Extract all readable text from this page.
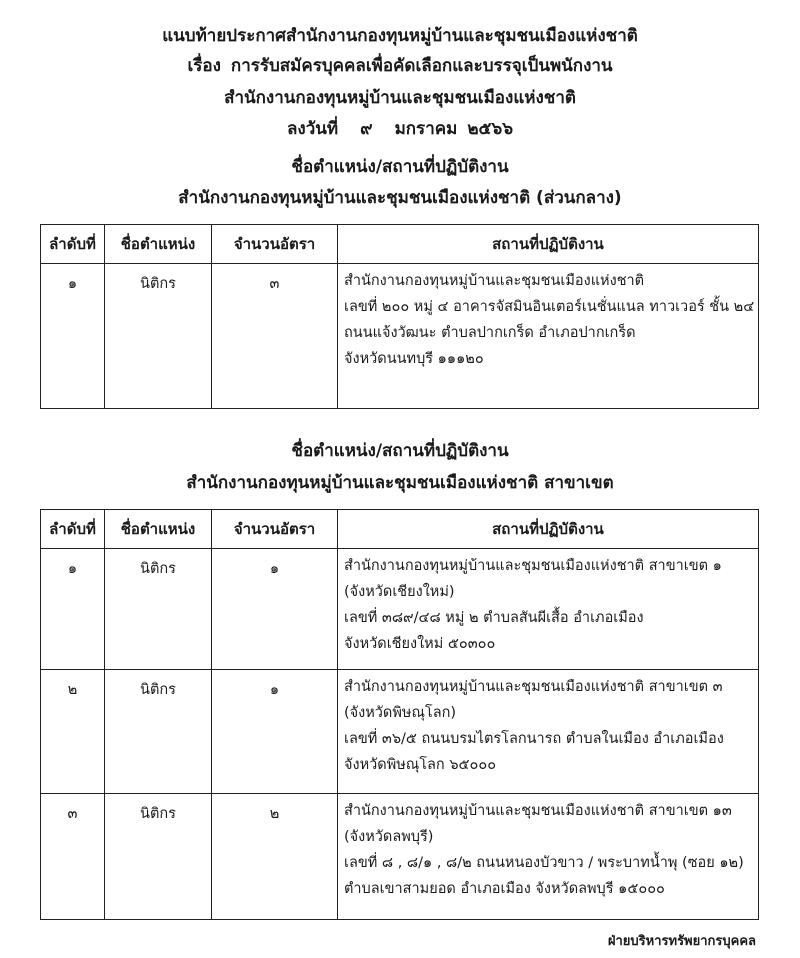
แนบท้ายประกาศสำนักงานกองทุนหมู่บ้านและชุมชนเมืองแห่งชาติ
เรื่อง การรับสมัครบุคคลเพื่อคัดเลือกและบรรจุเป็นพนักงาน
สำนักงานกองทุนหมู่บ้านและชุมชนเมืองแห่งชาติ
ลงวันที่ ๙ มกราคม ๒๕๖๖
ชื่อตำแหน่ง/สถานที่ปฏิบัติงาน
สำนักงานกองทุนหมู่บ้านและชุมชนเมืองแห่งชาติ (ส่วนกลาง)
ลำดับที่	ชื่อตำแหน่ง	จำนวนอัตรา	สถานที่ปฏิบัติงาน
๑	นิติกร	๓	สำนักงานกองทุนหมู่บ้านและชุมชนเมืองแห่งชาติ
เลขที่ ๒๐๐ หมู่ ๔ อาคารจัสมินอินเตอร์เนชั่นแนล ทาวเวอร์ ชั้น ๒๔
ถนนแจ้งวัฒนะ ตำบลปากเกร็ด อำเภอปากเกร็ด
จังหวัดนนทบุรี ๑๑๑๒๐
ชื่อตำแหน่ง/สถานที่ปฏิบัติงาน
สำนักงานกองทุนหมู่บ้านและชุมชนเมืองแห่งชาติ สาขาเขต
ลำดับที่	ชื่อตำแหน่ง	จำนวนอัตรา	สถานที่ปฏิบัติงาน
๑	นิติกร	๑	สำนักงานกองทุนหมู่บ้านและชุมชนเมืองแห่งชาติ สาขาเขต ๑
(จังหวัดเชียงใหม่)
เลขที่ ๓๘๙/๔๘ หมู่ ๒ ตำบลสันผีเสื้อ อำเภอเมือง
จังหวัดเชียงใหม่ ๕๐๓๐๐

๒	นิติกร	๑	สำนักงานกองทุนหมู่บ้านและชุมชนเมืองแห่งชาติ สาขาเขต ๓
(จังหวัดพิษณุโลก)
เลขที่ ๓๖/๕ ถนนบรมไตรโลกนารถ ตำบลในเมือง อำเภอเมือง
จังหวัดพิษณุโลก ๖๕๐๐๐

๓	นิติกร	๒	สำนักงานกองทุนหมู่บ้านและชุมชนเมืองแห่งชาติ สาขาเขต ๑๓
(จังหวัดลพบุรี)
เลขที่ ๘ , ๘/๑ , ๘/๒ ถนนหนองบัวขาว / พระบาทน้ำพุ (ซอย ๑๒)
ตำบลเขาสามยอด อำเภอเมือง จังหวัดลพบุรี ๑๕๐๐๐
ฝ่ายบริหารทรัพยากรบุคคล
